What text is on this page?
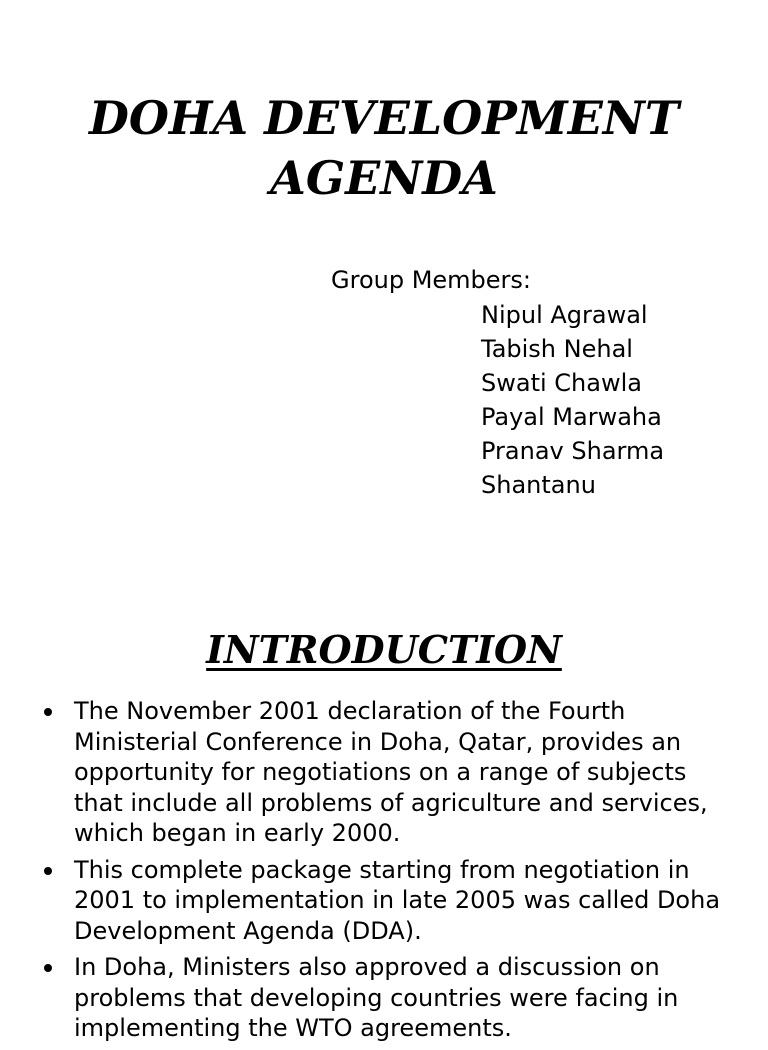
DOHA DEVELOPMENT
AGENDA

Group Members:

Nipul Agrawal
Tabish Nehal
Swati Chawla
Payal Marwaha
Pranav Sharma
Shantanu
INTRODUCTION
The November 2001 declaration of the Fourth Ministerial Conference in Doha, Qatar, provides an opportunity for negotiations on a range of subjects that include all problems of agriculture and services, which began in early 2000.
This complete package starting from negotiation in 2001 to implementation in late 2005 was called Doha Development Agenda (DDA).
In Doha, Ministers also approved a discussion on problems that developing countries were facing in implementing the WTO agreements.
